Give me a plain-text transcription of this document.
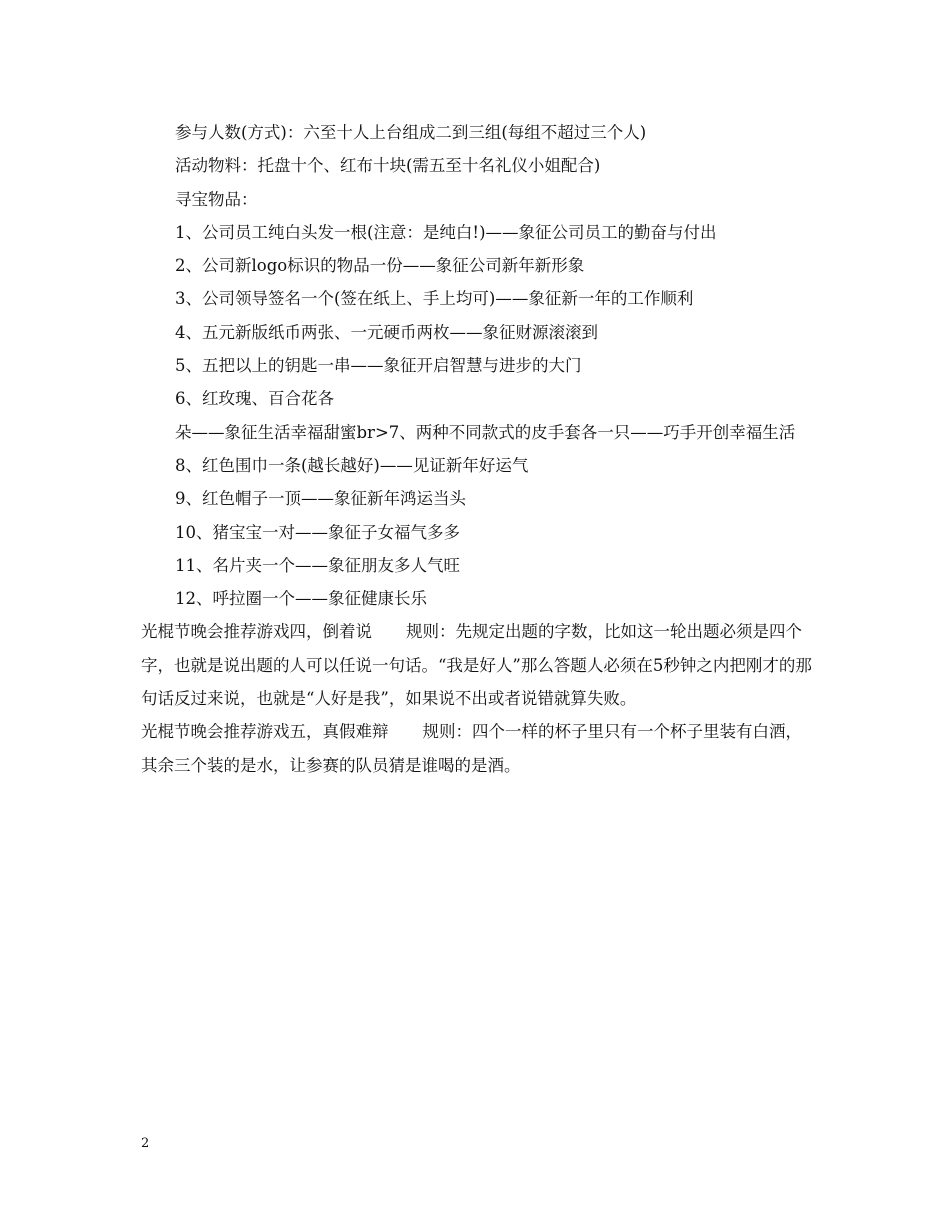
参与人数(方式)：六至十人上台组成二到三组(每组不超过三个人)

活动物料：托盘十个、红布十块(需五至十名礼仪小姐配合)

寻宝物品：

1、公司员工纯白头发一根(注意：是纯白!)——象征公司员工的勤奋与付出

2、公司新logo标识的物品一份——象征公司新年新形象

3、公司领导签名一个(签在纸上、手上均可)——象征新一年的工作顺利

4、五元新版纸币两张、一元硬币两枚——象征财源滚滚到

5、五把以上的钥匙一串——象征开启智慧与进步的大门

6、红玫瑰、百合花各

朵——象征生活幸福甜蜜br>7、两种不同款式的皮手套各一只——巧手开创幸福生活

8、红色围巾一条(越长越好)——见证新年好运气

9、红色帽子一顶——象征新年鸿运当头

10、猪宝宝一对——象征子女福气多多

11、名片夹一个——象征朋友多人气旺

12、呼拉圈一个——象征健康长乐

光棍节晚会推荐游戏四，倒着说 规则：先规定出题的字数，比如这一轮出题必须是四个字，也就是说出题的人可以任说一句话。“我是好人”那么答题人必须在5秒钟之内把刚才的那句话反过来说，也就是“人好是我”，如果说不出或者说错就算失败。

光棍节晚会推荐游戏五，真假难辩 规则：四个一样的杯子里只有一个杯子里装有白酒，其余三个装的是水，让参赛的队员猜是谁喝的是酒。

2
